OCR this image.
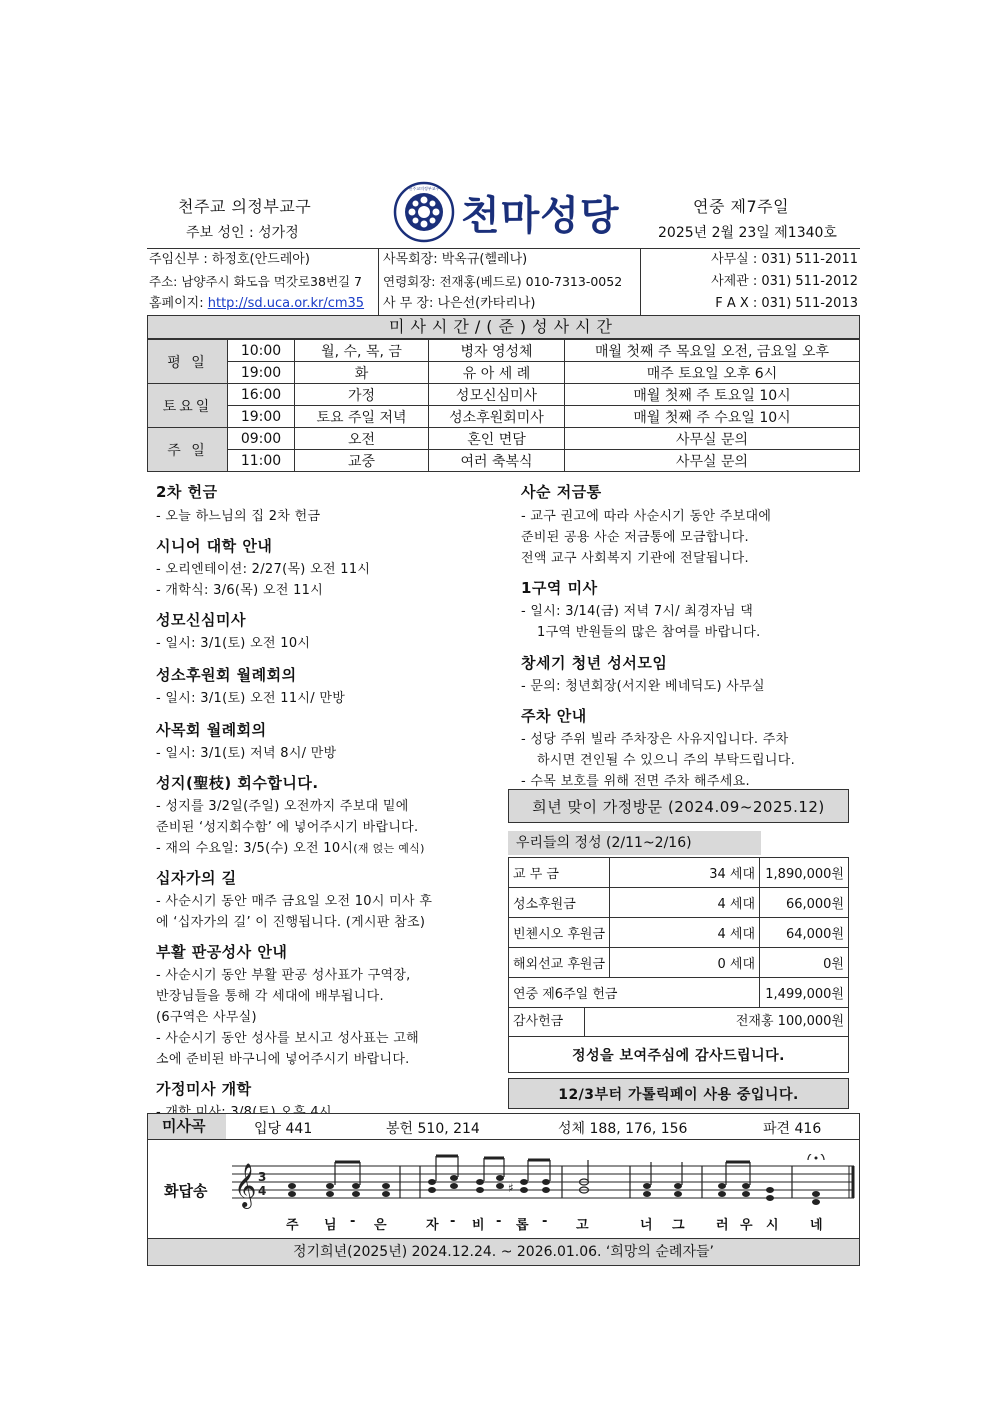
천주교 의정부교구
주보 성인 : 성가정
천주교의정부교구
천마성당	연중 제7주일
2025년 2월 23일 제1340호
주임신부 : 하정호(안드레아)	사목회장: 박옥규(헬레나)	사무실 : 031) 511-2011
주소: 남양주시 화도읍 먹갓로38번길 7	연령회장: 전재홍(베드로) 010-7313-0052	사제관 : 031) 511-2012
홈페이지: http://sd.uca.or.kr/cm35	사 무 장: 나은선(카타리나)	F A X : 031) 511-2013
미사시간/(준)성사시간
평 일	10:00	월, 수, 목, 금	병자 영성체	매월 첫째 주 목요일 오전, 금요일 오후
	19:00	화	유 아 세 례	매주 토요일 오후 6시
토요일	16:00	가정	성모신심미사	매월 첫째 주 토요일 10시
	19:00	토요 주일 저녁	성소후원회미사	매월 첫째 주 수요일 10시
주 일	09:00	오전	혼인 면담	사무실 문의
	11:00	교중	여러 축복식	사무실 문의
2차 헌금
- 오늘 하느님의 집 2차 헌금
시니어 대학 안내
- 오리엔테이션: 2/27(목) 오전 11시
- 개학식: 3/6(목) 오전 11시
성모신심미사
- 일시: 3/1(토) 오전 10시
성소후원회 월례회의
- 일시: 3/1(토) 오전 11시/ 만방
사목회 월례회의
- 일시: 3/1(토) 저녁 8시/ 만방
성지(聖枝) 회수합니다.
- 성지를 3/2일(주일) 오전까지 주보대 밑에
준비된 ‘성지회수함’ 에 넣어주시기 바랍니다.
- 재의 수요일: 3/5(수) 오전 10시(재 얹는 예식)
십자가의 길
- 사순시기 동안 매주 금요일 오전 10시 미사 후
에 ‘십자가의 길’ 이 진행됩니다. (게시판 참조)
부활 판공성사 안내
- 사순시기 동안 부활 판공 성사표가 구역장,
반장님들을 통해 각 세대에 배부됩니다.
(6구역은 사무실)
- 사순시기 동안 성사를 보시고 성사표는 고해
소에 준비된 바구니에 넣어주시기 바랍니다.
가정미사 개학
사순 저금통
- 교구 권고에 따라 사순시기 동안 주보대에
준비된 공용 사순 저금통에 모금합니다.
전액 교구 사회복지 기관에 전달됩니다.
1구역 미사
- 일시: 3/14(금) 저녁 7시/ 최경자님 댁
1구역 반원들의 많은 참여를 바랍니다.
창세기 청년 성서모임
- 문의: 청년회장(서지완 베네딕도) 사무실
주차 안내
- 성당 주위 빌라 주차장은 사유지입니다. 주차
하시면 견인될 수 있으니 주의 부탁드립니다.
- 수목 보호를 위해 전면 주차 해주세요.
희년 맞이 가정방문 (2024.09~2025.12)
우리들의 정성 (2/11~2/16)
교 무 금	34 세대	1,890,000원
성소후원금	4 세대	66,000원
빈첸시오 후원금	4 세대	64,000원
해외선교 후원금	0 세대	0원
연중 제6주일 헌금		1,499,000원
감사헌금	전재홍 100,000원
정성을 보여주심에 감사드립니다.
12/3부터 가톨릭페이 사용 중입니다.
미사곡	입당 441	봉헌 510, 214	성체 188, 176, 156	파견 416
화답송 𝄞 3
4	♯
주 님 - 은	자 - 비 - 롭 - 고	너 그 러 우 시 네
정기희년(2025년) 2024.12.24. ~ 2026.01.06. ‘희망의 순례자들’
